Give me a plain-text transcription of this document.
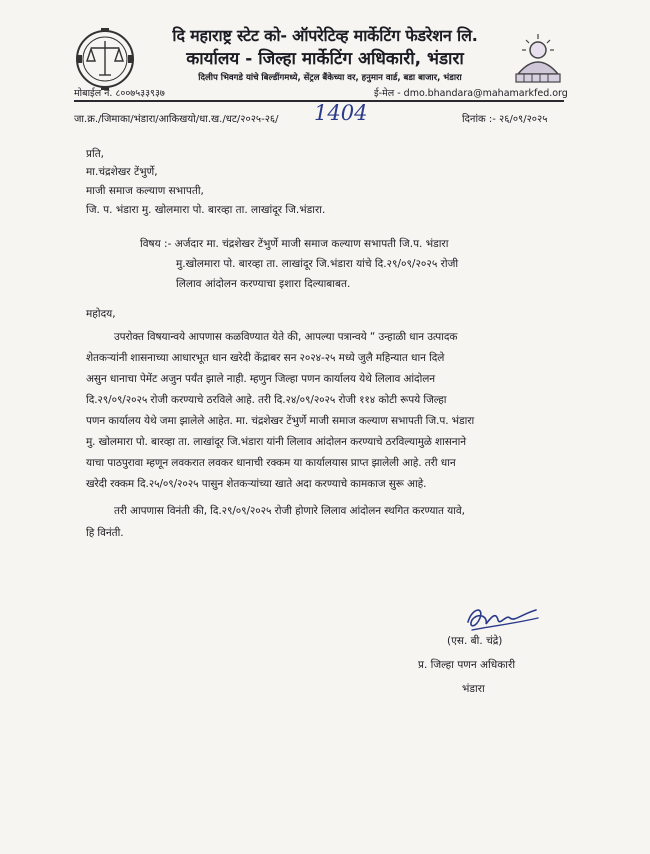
दि महाराष्ट्र स्टेट को- ऑपरेटिव्ह मार्केटिंग फेडरेशन लि.
कार्यालय - जिल्हा मार्केटिंग अधिकारी, भंडारा
दिलीप भिवगडे यांचे बिल्डींगमध्ये, सेंट्रल बैंकेच्या वर, हनुमान वार्ड, बडा बाजार, भंडारा
मोबाईल नं. ८००७५३३९३७	ई-मेल - dmo.bhandara@mahamarkfed.org
जा.क्र./जिमाका/भंडारा/आकिखयो/धा.ख./धट/२०२५-२६/ 1404	दिनांक :- २६/०९/२०२५
प्रति,
मा.चंद्रशेखर टेंभुर्णे,
माजी समाज कल्याण सभापती,
जि. प. भंडारा मु. खोलमारा पो. बारव्हा ता. लाखांदूर जि.भंडारा.
विषय :- अर्जदार मा. चंद्रशेखर टेंभुर्णे माजी समाज कल्याण सभापती जि.प. भंडारा
मु.खोलमारा पो. बारव्हा ता. लाखांदूर जि.भंडारा यांचे दि.२९/०९/२०२५ रोजी
लिलाव आंदोलन करण्याचा इशारा दिल्याबाबत.
महोदय,
उपरोक्त विषयान्वये आपणास कळविण्यात येते की, आपल्या पत्रान्वये “ उन्हाळी धान उत्पादक
शेतकऱ्यांनी शासनाच्या आधारभूत धान खरेदी केंद्राबर सन २०२४-२५ मध्ये जुलै महिन्यात धान दिले
असुन धानाचा पेमेंट अजुन पर्यंत झाले नाही. म्हणुन जिल्हा पणन कार्यालय येथे लिलाव आंदोलन
दि.२९/०९/२०२५ रोजी करण्याचे ठरविले आहे. तरी दि.२४/०९/२०२५ रोजी ११४ कोटी रूपये जिल्हा
पणन कार्यालय येथे जमा झालेले आहेत. मा. चंद्रशेखर टेंभुर्णे माजी समाज कल्याण सभापती जि.प. भंडारा
मु. खोलमारा पो. बारव्हा ता. लाखांदूर जि.भंडारा यांनी लिलाव आंदोलन करण्याचे ठरविल्यामुळे शासनाने
याचा पाठपुरावा म्हणून लवकरात लवकर धानाची रक्कम या कार्यालयास प्राप्त झालेली आहे. तरी धान
खरेदी रक्कम दि.२५/०९/२०२५ पासुन शेतकऱ्यांच्या खाते अदा करण्याचे कामकाज सुरू आहे.
तरी आपणास विनंती की, दि.२९/०९/२०२५ रोजी होणारे लिलाव आंदोलन स्थगित करण्यात यावे,
हि विनंती.
(एस. बी. चंद्रे)
प्र. जिल्हा पणन अधिकारी
भंडारा
